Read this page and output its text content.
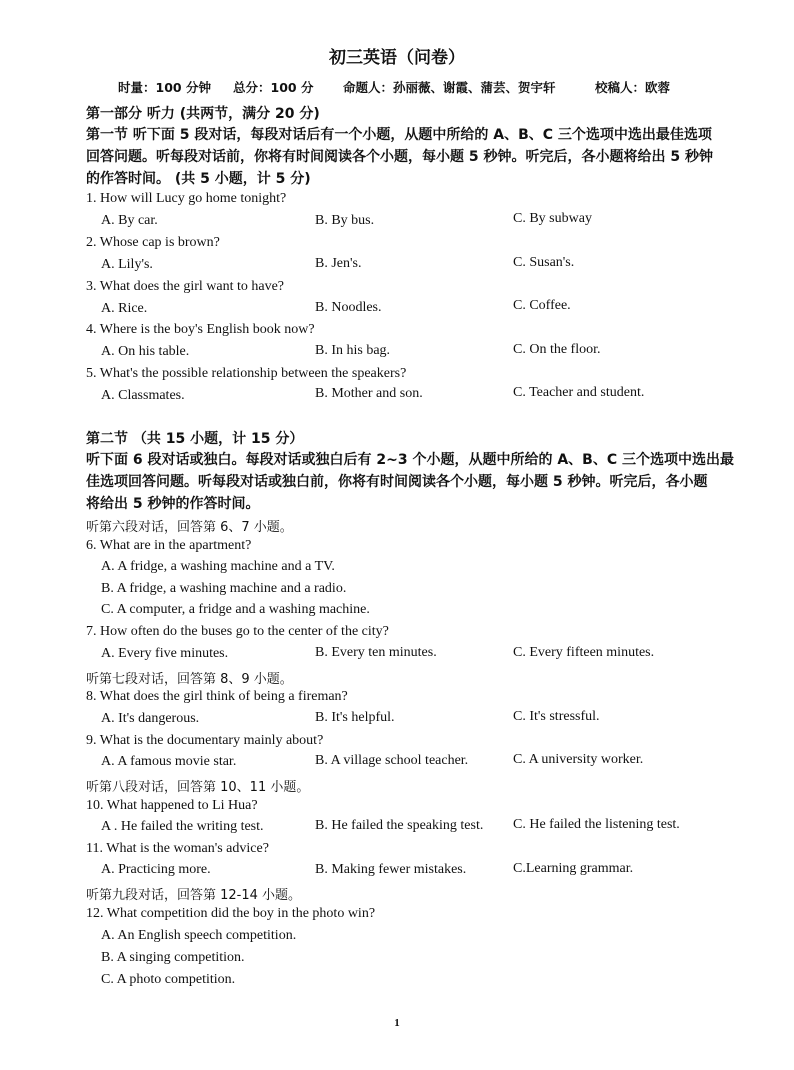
初三英语（问卷）
时量：100 分钟 总分：100 分 命题人：孙丽薇、谢霞、蒲芸、贺宇轩	校稿人：欧蓉
第一部分 听力 (共两节，满分 20 分)
第一节 听下面 5 段对话，每段对话后有一个小题，从题中所给的 A、B、C 三个选项中选出最佳选项
回答问题。听每段对话前，你将有时间阅读各个小题，每小题 5 秒钟。听完后，各小题将给出 5 秒钟
的作答时间。 (共 5 小题，计 5 分)
1. How will Lucy go home tonight?
A. By car.	B. By bus.	C. By subway
2. Whose cap is brown?
A. Lily's.	B. Jen's.	C. Susan's.
3. What does the girl want to have?
A. Rice.	B. Noodles.	C. Coffee.
4. Where is the boy's English book now?
A. On his table.	B. In his bag.	C. On the floor.
5. What's the possible relationship between the speakers?
A. Classmates.	B. Mother and son.	C. Teacher and student.
第二节 （共 15 小题，计 15 分）
听下面 6 段对话或独白。每段对话或独白后有 2~3 个小题，从题中所给的 A、B、C 三个选项中选出最
佳选项回答问题。听每段对话或独白前，你将有时间阅读各个小题，每小题 5 秒钟。听完后，各小题
将给出 5 秒钟的作答时间。
听第六段对话，回答第 6、7 小题。
6. What are in the apartment?
A. A fridge, a washing machine and a TV.
B. A fridge, a washing machine and a radio.
C. A computer, a fridge and a washing machine.
7. How often do the buses go to the center of the city?
A. Every five minutes.	B. Every ten minutes.	C. Every fifteen minutes.
听第七段对话，回答第 8、9 小题。
8. What does the girl think of being a fireman?
A. It's dangerous.	B. It's helpful.	C. It's stressful.
9. What is the documentary mainly about?
A. A famous movie star.	B. A village school teacher.	C. A university worker.
听第八段对话，回答第 10、11 小题。
10. What happened to Li Hua?
A . He failed the writing test.	B. He failed the speaking test. C. He failed the listening test.
11. What is the woman's advice?
A. Practicing more.	B. Making fewer mistakes.	C.Learning grammar.
听第九段对话，回答第 12-14 小题。
12. What competition did the boy in the photo win?
A. An English speech competition.
B. A singing competition.
C. A photo competition.
1
